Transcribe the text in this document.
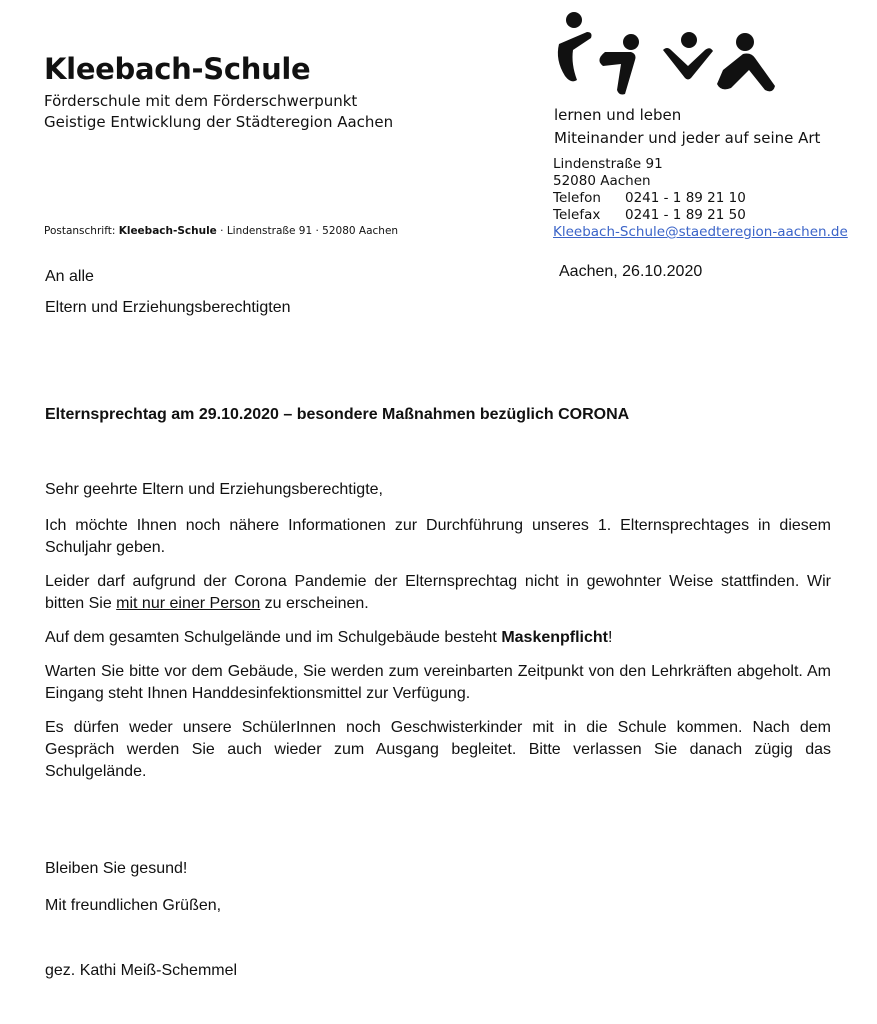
Kleebach-Schule
Förderschule mit dem Förderschwerpunkt
Geistige Entwicklung der Städteregion Aachen
Postanschrift: Kleebach-Schule · Lindenstraße 91 · 52080 Aachen
lernen und leben
Miteinander und jeder auf seine Art
Lindenstraße 91
52080 Aachen
Telefon	0241 - 1 89 21 10
Telefax	0241 - 1 89 21 50
Kleebach-Schule@staedteregion-aachen.de
An alle
Eltern und Erziehungsberechtigten
Aachen, 26.10.2020
Elternsprechtag am 29.10.2020 – besondere Maßnahmen bezüglich CORONA

Sehr geehrte Eltern und Erziehungsberechtigte,

Ich möchte Ihnen noch nähere Informationen zur Durchführung unseres 1. Elternsprechtages in diesem Schuljahr geben.

Leider darf aufgrund der Corona Pandemie der Elternsprechtag nicht in gewohnter Weise stattfinden. Wir bitten Sie mit nur einer Person zu erscheinen.

Auf dem gesamten Schulgelände und im Schulgebäude besteht Maskenpflicht!

Warten Sie bitte vor dem Gebäude, Sie werden zum vereinbarten Zeitpunkt von den Lehrkräften abgeholt. Am Eingang steht Ihnen Handdesinfektionsmittel zur Verfügung.

Es dürfen weder unsere SchülerInnen noch Geschwisterkinder mit in die Schule kommen. Nach dem Gespräch werden Sie auch wieder zum Ausgang begleitet. Bitte verlassen Sie danach zügig das Schulgelände.

Bleiben Sie gesund!
Mit freundlichen Grüßen,
gez. Kathi Meiß-Schemmel
